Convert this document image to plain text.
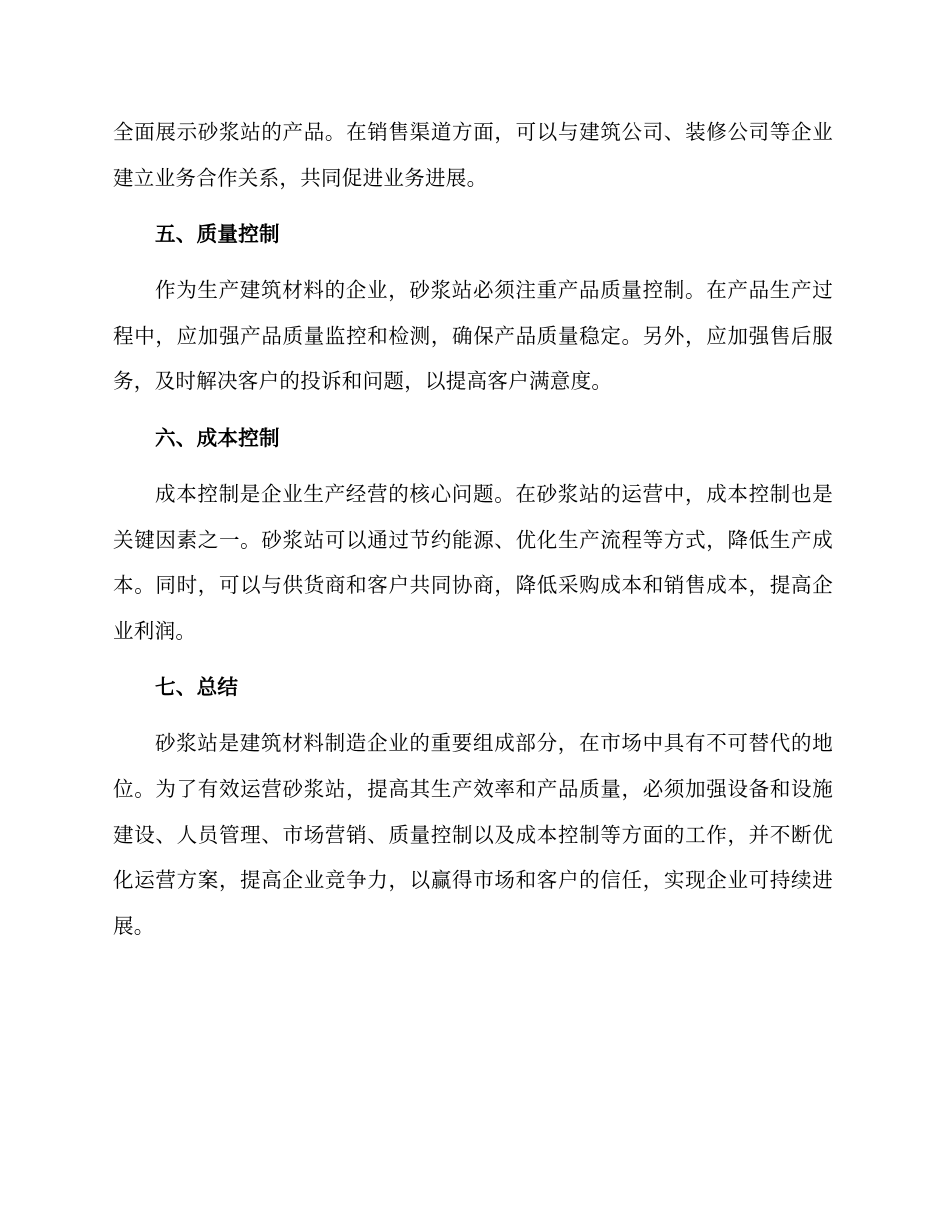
全面展示砂浆站的产品。在销售渠道方面，可以与建筑公司、装修公司等企业建立业务合作关系，共同促进业务进展。

五、质量控制

作为生产建筑材料的企业，砂浆站必须注重产品质量控制。在产品生产过程中，应加强产品质量监控和检测，确保产品质量稳定。另外，应加强售后服务，及时解决客户的投诉和问题，以提高客户满意度。

六、成本控制

成本控制是企业生产经营的核心问题。在砂浆站的运营中，成本控制也是关键因素之一。砂浆站可以通过节约能源、优化生产流程等方式，降低生产成本。同时，可以与供货商和客户共同协商，降低采购成本和销售成本，提高企业利润。

七、总结

砂浆站是建筑材料制造企业的重要组成部分，在市场中具有不可替代的地位。为了有效运营砂浆站，提高其生产效率和产品质量，必须加强设备和设施建设、人员管理、市场营销、质量控制以及成本控制等方面的工作，并不断优化运营方案，提高企业竞争力，以赢得市场和客户的信任，实现企业可持续进展。
